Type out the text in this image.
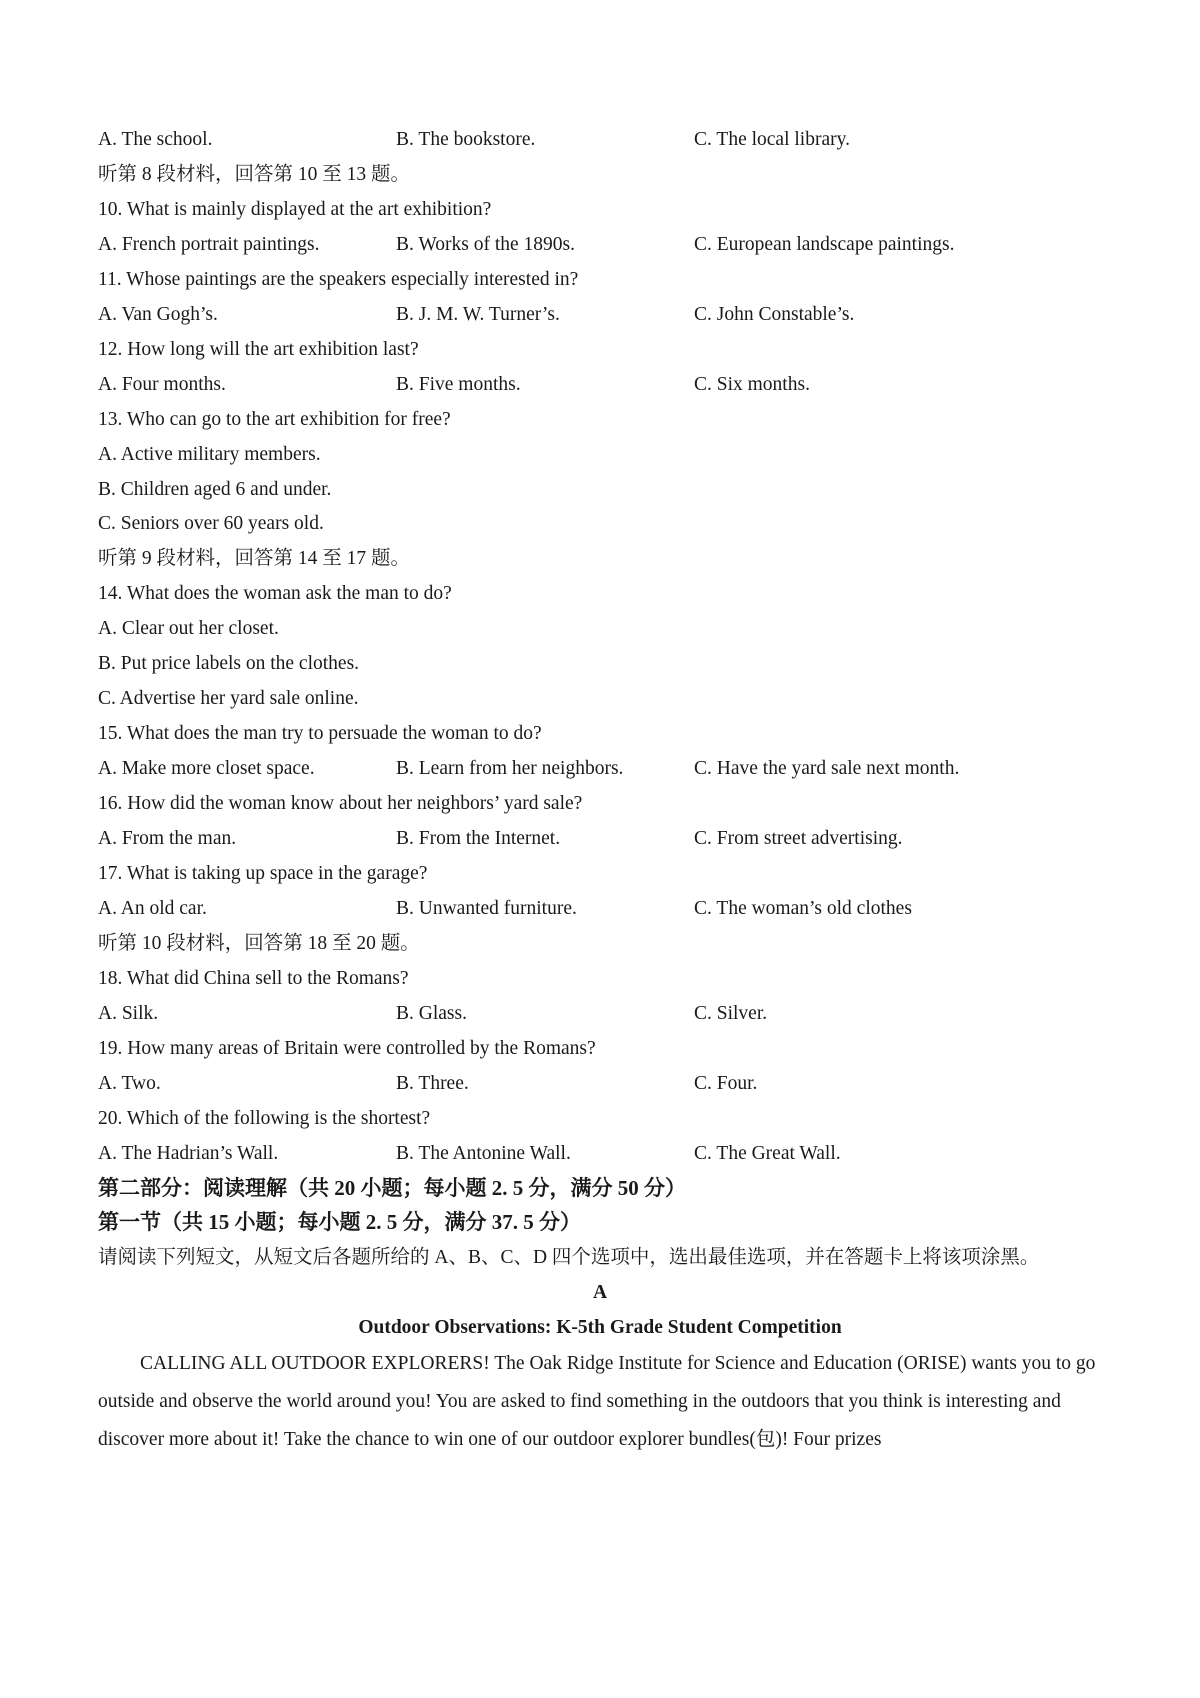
A. The school.	B. The bookstore.	C. The local library.
听第 8 段材料，回答第 10 至 13 题。
10. What is mainly displayed at the art exhibition?
A. French portrait paintings.	B. Works of the 1890s.	C. European landscape paintings.
11. Whose paintings are the speakers especially interested in?
A. Van Gogh’s.	B. J. M. W. Turner’s.	C. John Constable’s.
12. How long will the art exhibition last?
A. Four months.	B. Five months.	C. Six months.
13. Who can go to the art exhibition for free?
A. Active military members.
B. Children aged 6 and under.
C. Seniors over 60 years old.
听第 9 段材料，回答第 14 至 17 题。
14. What does the woman ask the man to do?
A. Clear out her closet.
B. Put price labels on the clothes.
C. Advertise her yard sale online.
15. What does the man try to persuade the woman to do?
A. Make more closet space.	B. Learn from her neighbors.	C. Have the yard sale next month.
16. How did the woman know about her neighbors’ yard sale?
A. From the man.	B. From the Internet.	C. From street advertising.
17. What is taking up space in the garage?
A. An old car.	B. Unwanted furniture.	C. The woman’s old clothes
听第 10 段材料，回答第 18 至 20 题。
18. What did China sell to the Romans?
A. Silk.	B. Glass.	C. Silver.
19. How many areas of Britain were controlled by the Romans?
A. Two.	B. Three.	C. Four.
20. Which of the following is the shortest?
A. The Hadrian’s Wall.	B. The Antonine Wall.	C. The Great Wall.
第二部分：阅读理解（共 20 小题；每小题 2. 5 分，满分 50 分）
第一节（共 15 小题；每小题 2. 5 分，满分 37. 5 分）
请阅读下列短文，从短文后各题所给的 A、B、C、D 四个选项中，选出最佳选项，并在答题卡上将该项涂黑。
A
Outdoor Observations: K-5th Grade Student Competition
CALLING ALL OUTDOOR EXPLORERS! The Oak Ridge Institute for Science and Education (ORISE) wants you to go outside and observe the world around you! You are asked to find something in the outdoors that you think is interesting and discover more about it! Take the chance to win one of our outdoor explorer bundles(包)! Four prizes
